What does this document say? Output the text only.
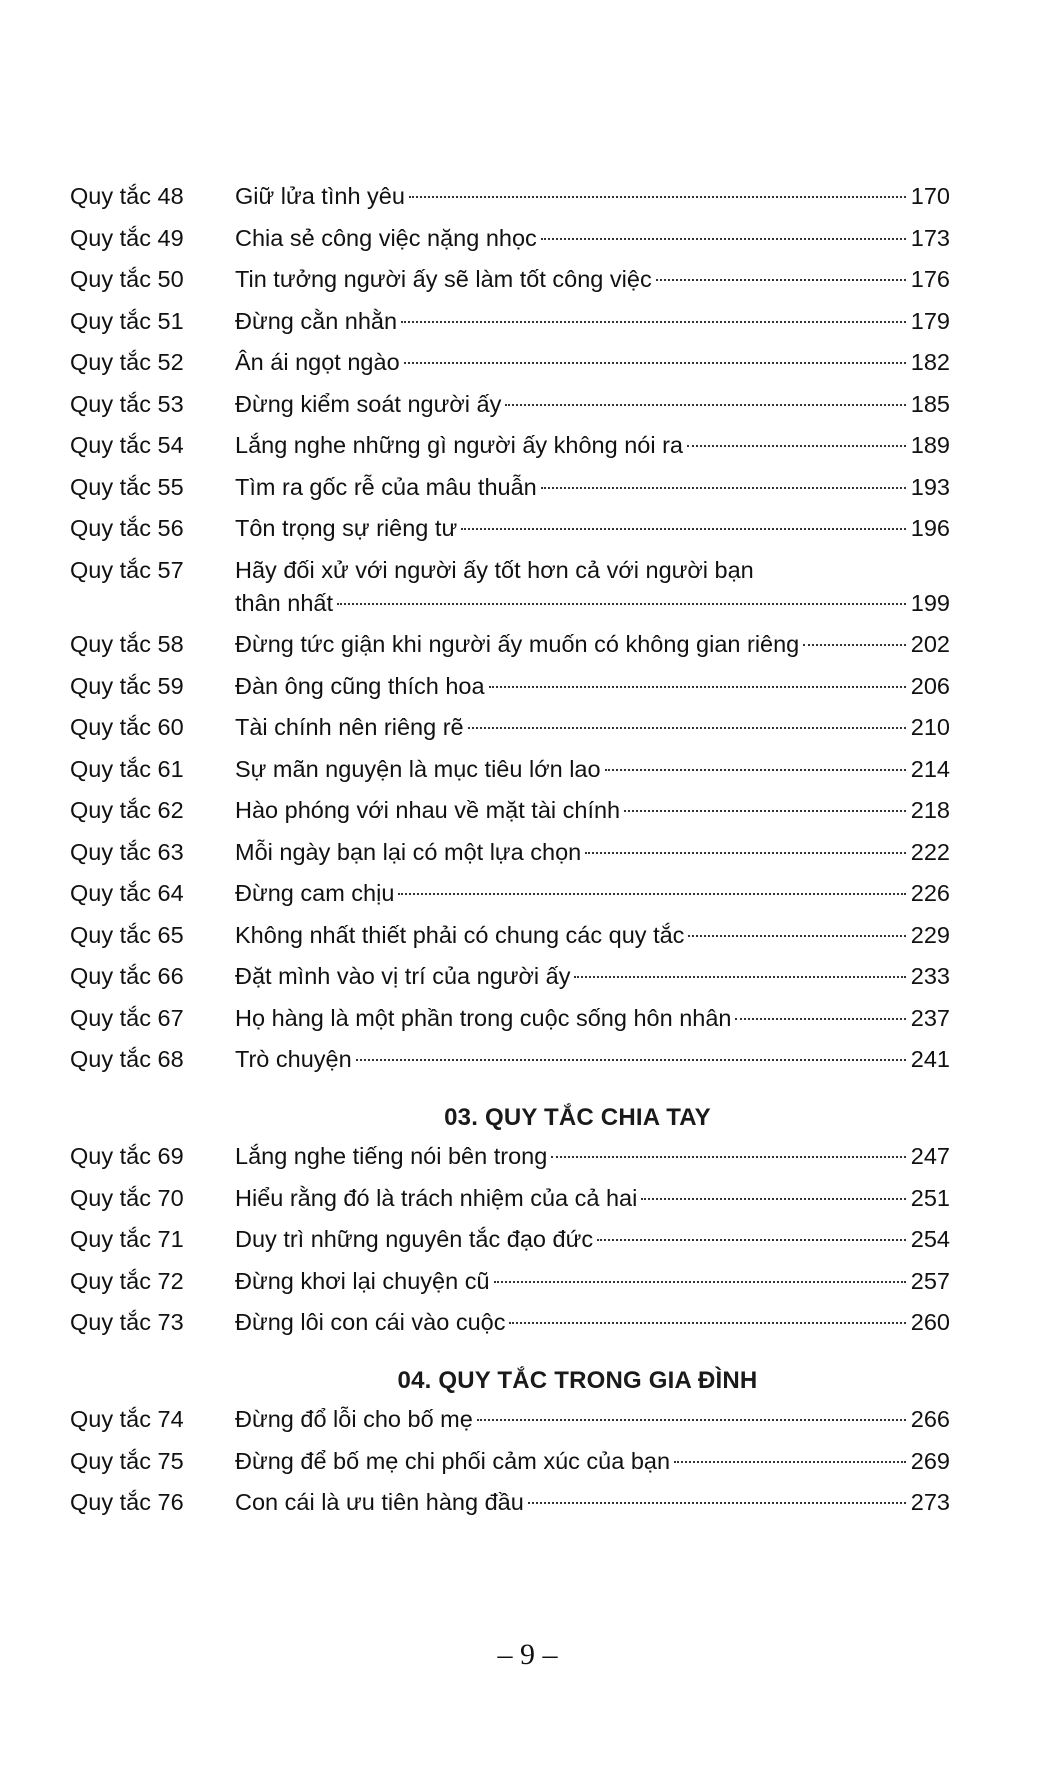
Quy tắc 48	Giữ lửa tình yêu	170
Quy tắc 49	Chia sẻ công việc nặng nhọc	173
Quy tắc 50	Tin tưởng người ấy sẽ làm tốt công việc	176
Quy tắc 51	Đừng cằn nhằn	179
Quy tắc 52	Ân ái ngọt ngào	182
Quy tắc 53	Đừng kiểm soát người ấy	185
Quy tắc 54	Lắng nghe những gì người ấy không nói ra	189
Quy tắc 55	Tìm ra gốc rễ của mâu thuẫn	193
Quy tắc 56	Tôn trọng sự riêng tư	196
Quy tắc 57	Hãy đối xử với người ấy tốt hơn cả với người bạn
thân nhất	199
Quy tắc 58	Đừng tức giận khi người ấy muốn có không gian riêng	202
Quy tắc 59	Đàn ông cũng thích hoa	206
Quy tắc 60	Tài chính nên riêng rẽ	210
Quy tắc 61	Sự mãn nguyện là mục tiêu lớn lao	214
Quy tắc 62	Hào phóng với nhau về mặt tài chính	218
Quy tắc 63	Mỗi ngày bạn lại có một lựa chọn	222
Quy tắc 64	Đừng cam chịu	226
Quy tắc 65	Không nhất thiết phải có chung các quy tắc	229
Quy tắc 66	Đặt mình vào vị trí của người ấy	233
Quy tắc 67	Họ hàng là một phần trong cuộc sống hôn nhân	237
Quy tắc 68	Trò chuyện	241
03. QUY TẮC CHIA TAY
Quy tắc 69	Lắng nghe tiếng nói bên trong	247
Quy tắc 70	Hiểu rằng đó là trách nhiệm của cả hai	251
Quy tắc 71	Duy trì những nguyên tắc đạo đức	254
Quy tắc 72	Đừng khơi lại chuyện cũ	257
Quy tắc 73	Đừng lôi con cái vào cuộc	260
04. QUY TẮC TRONG GIA ĐÌNH
Quy tắc 74	Đừng đổ lỗi cho bố mẹ	266
Quy tắc 75	Đừng để bố mẹ chi phối cảm xúc của bạn	269
Quy tắc 76	Con cái là ưu tiên hàng đầu	273
– 9 –
